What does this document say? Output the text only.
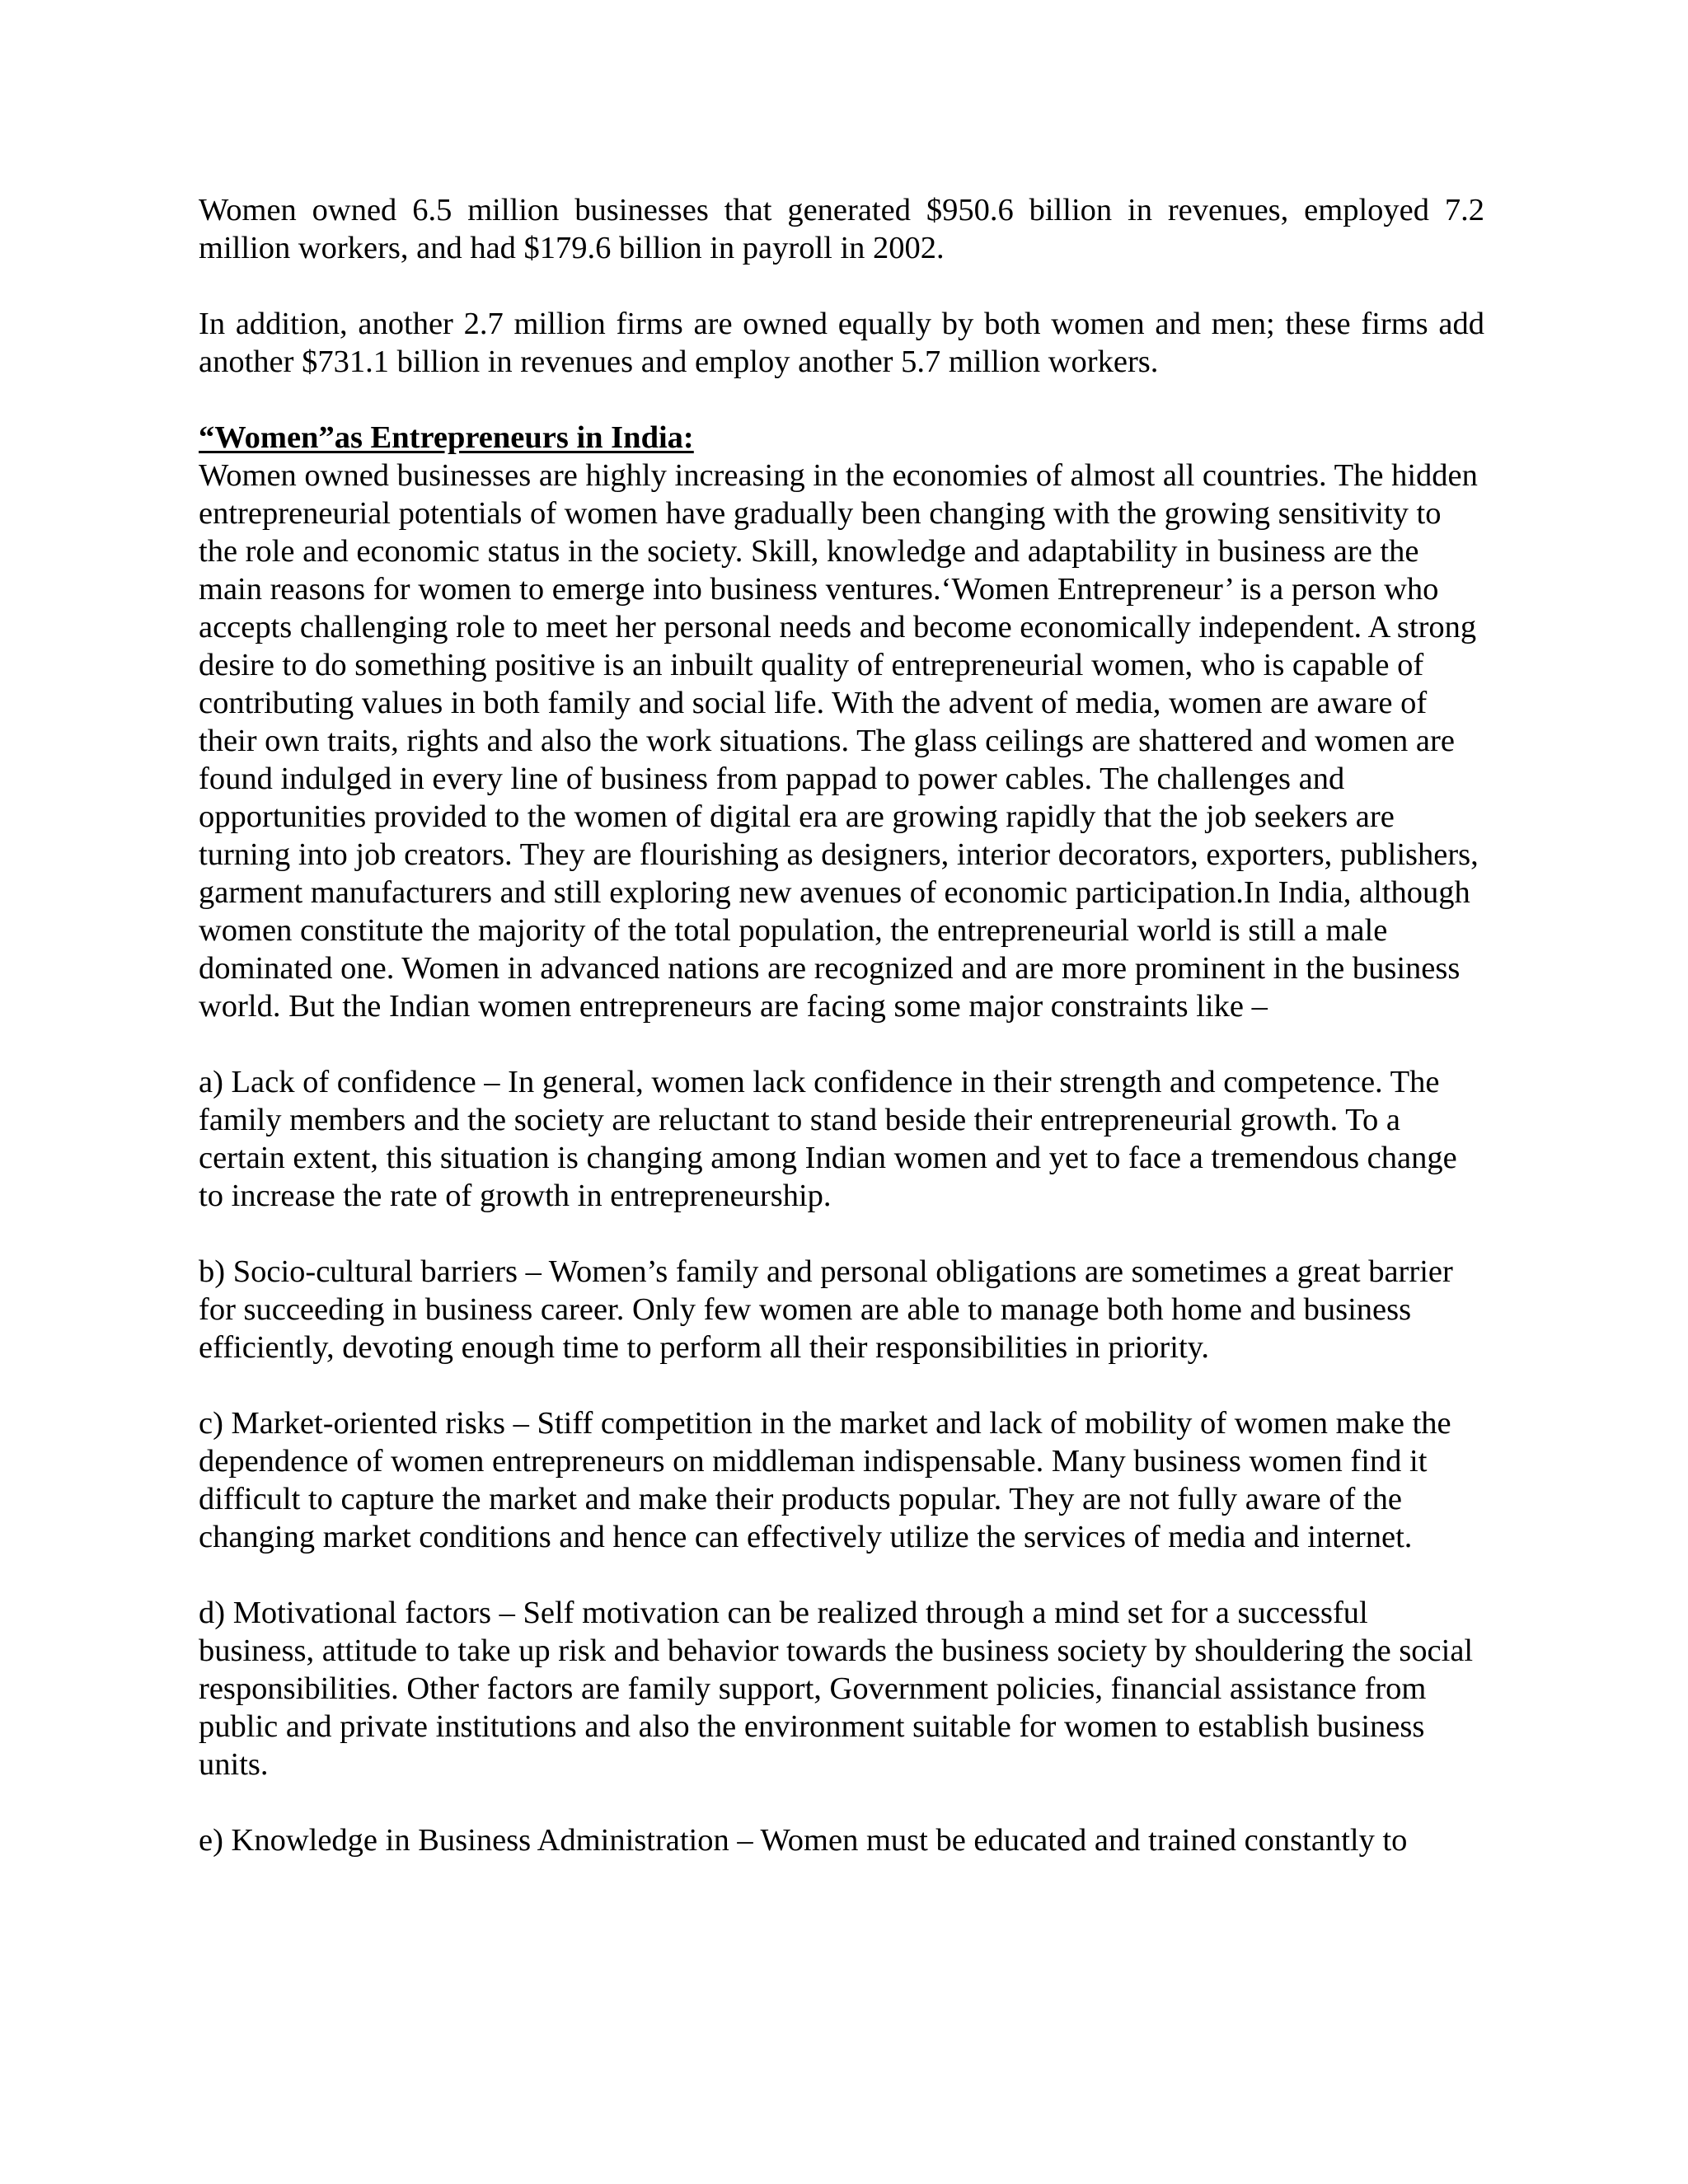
Women owned 6.5 million businesses that generated $950.6 billion in revenues, employed 7.2 million workers, and had $179.6 billion in payroll in 2002.

In addition, another 2.7 million firms are owned equally by both women and men; these firms add another $731.1 billion in revenues and employ another 5.7 million workers.

“Women”as Entrepreneurs in India:

Women owned businesses are highly increasing in the economies of almost all countries. The hidden entrepreneurial potentials of women have gradually been changing with the growing sensitivity to the role and economic status in the society. Skill, knowledge and adaptability in business are the main reasons for women to emerge into business ventures.‘Women Entrepreneur’ is a person who accepts challenging role to meet her personal needs and become economically independent. A strong desire to do something positive is an inbuilt quality of entrepreneurial women, who is capable of contributing values in both family and social life. With the advent of media, women are aware of their own traits, rights and also the work situations. The glass ceilings are shattered and women are found indulged in every line of business from pappad to power cables. The challenges and opportunities provided to the women of digital era are growing rapidly that the job seekers are turning into job creators. They are flourishing as designers, interior decorators, exporters, publishers, garment manufacturers and still exploring new avenues of economic participation.In India, although women constitute the majority of the total population, the entrepreneurial world is still a male dominated one. Women in advanced nations are recognized and are more prominent in the business world. But the Indian women entrepreneurs are facing some major constraints like –

a) Lack of confidence – In general, women lack confidence in their strength and competence. The family members and the society are reluctant to stand beside their entrepreneurial growth. To a certain extent, this situation is changing among Indian women and yet to face a tremendous change to increase the rate of growth in entrepreneurship.

b) Socio-cultural barriers – Women’s family and personal obligations are sometimes a great barrier for succeeding in business career. Only few women are able to manage both home and business efficiently, devoting enough time to perform all their responsibilities in priority.

c) Market-oriented risks – Stiff competition in the market and lack of mobility of women make the dependence of women entrepreneurs on middleman indispensable. Many business women find it difficult to capture the market and make their products popular. They are not fully aware of the changing market conditions and hence can effectively utilize the services of media and internet.

d) Motivational factors – Self motivation can be realized through a mind set for a successful business, attitude to take up risk and behavior towards the business society by shouldering the social responsibilities. Other factors are family support, Government policies, financial assistance from public and private institutions and also the environment suitable for women to establish business units.

e) Knowledge in Business Administration – Women must be educated and trained constantly to
